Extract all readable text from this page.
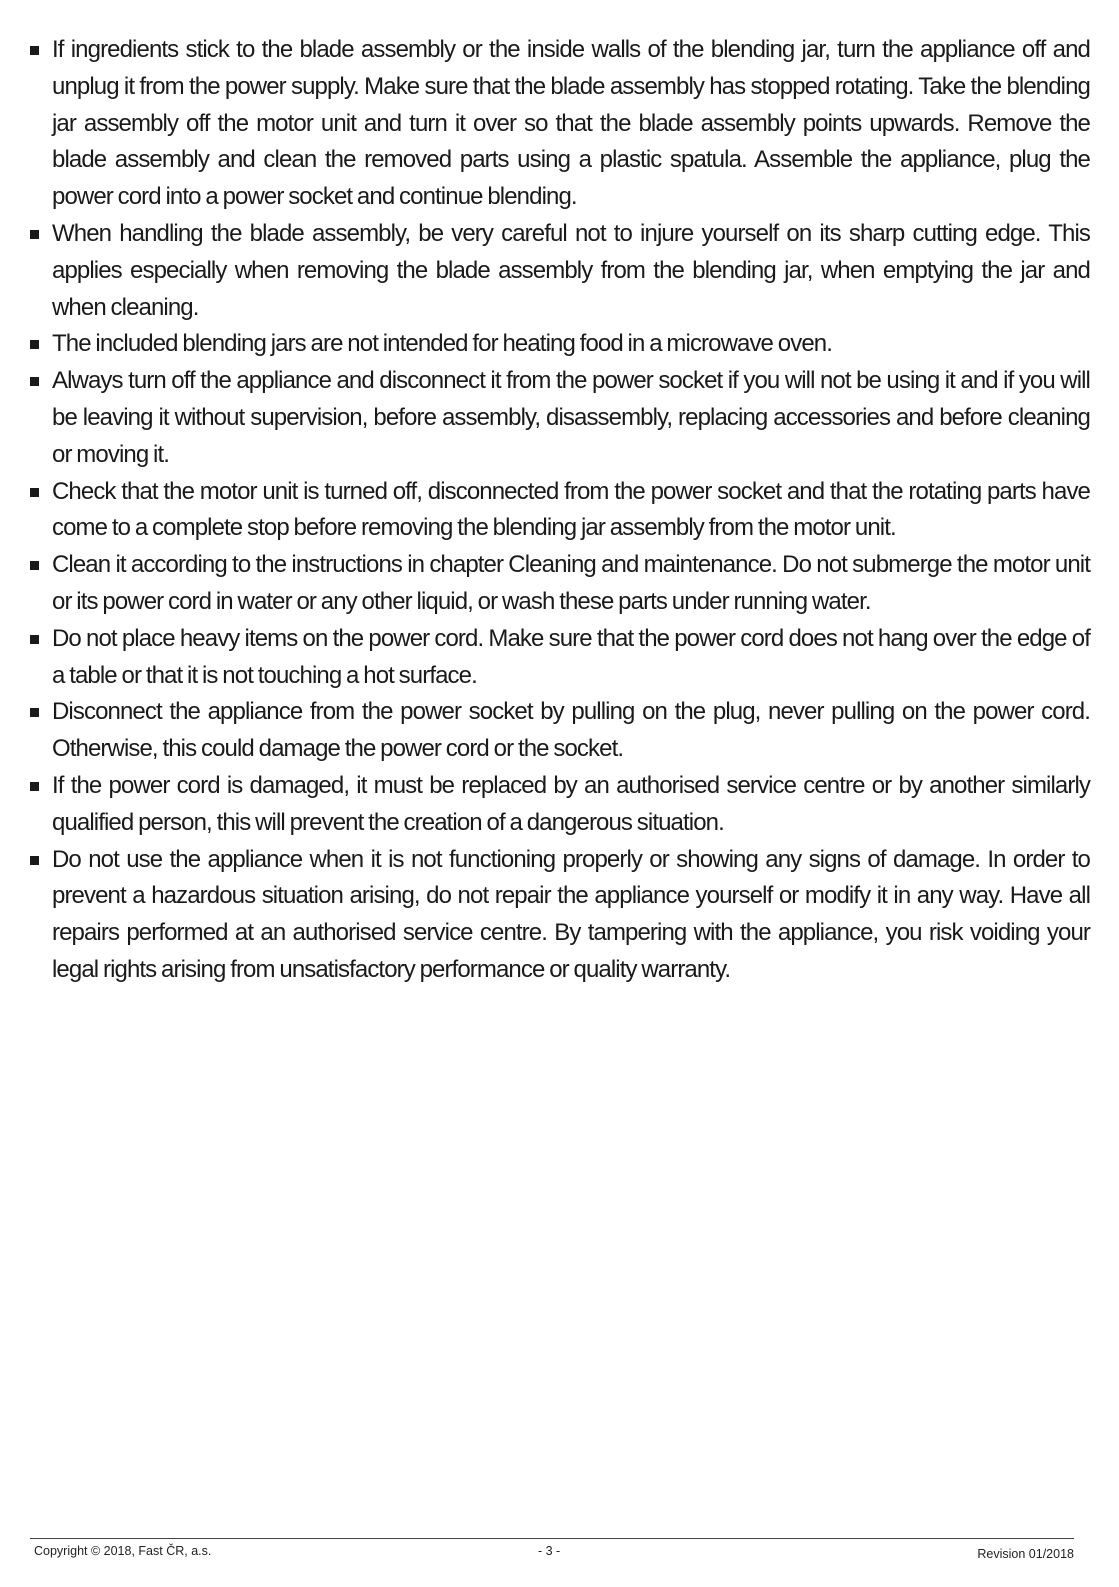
If ingredients stick to the blade assembly or the inside walls of the blending jar, turn the appliance off and unplug it from the power supply. Make sure that the blade assembly has stopped rotating. Take the blending jar assembly off the motor unit and turn it over so that the blade assembly points upwards. Remove the blade assembly and clean the removed parts using a plastic spatula. Assemble the appliance, plug the power cord into a power socket and continue blending.
When handling the blade assembly, be very careful not to injure yourself on its sharp cutting edge. This applies especially when removing the blade assembly from the blending jar, when emptying the jar and when cleaning.
The included blending jars are not intended for heating food in a microwave oven.
Always turn off the appliance and disconnect it from the power socket if you will not be using it and if you will be leaving it without supervision, before assembly, disassembly, replacing accessories and before cleaning or moving it.
Check that the motor unit is turned off, disconnected from the power socket and that the rotating parts have come to a complete stop before removing the blending jar assembly from the motor unit.
Clean it according to the instructions in chapter Cleaning and maintenance. Do not submerge the motor unit or its power cord in water or any other liquid, or wash these parts under running water.
Do not place heavy items on the power cord. Make sure that the power cord does not hang over the edge of a table or that it is not touching a hot surface.
Disconnect the appliance from the power socket by pulling on the plug, never pulling on the power cord. Otherwise, this could damage the power cord or the socket.
If the power cord is damaged, it must be replaced by an authorised service centre or by another similarly qualified person, this will prevent the creation of a dangerous situation.
Do not use the appliance when it is not functioning properly or showing any signs of damage. In order to prevent a hazardous situation arising, do not repair the appliance yourself or modify it in any way. Have all repairs performed at an authorised service centre. By tampering with the appliance, you risk voiding your legal rights arising from unsatisfactory performance or quality warranty.
Copyright © 2018, Fast ČR, a.s.	- 3 -	Revision 01/2018
